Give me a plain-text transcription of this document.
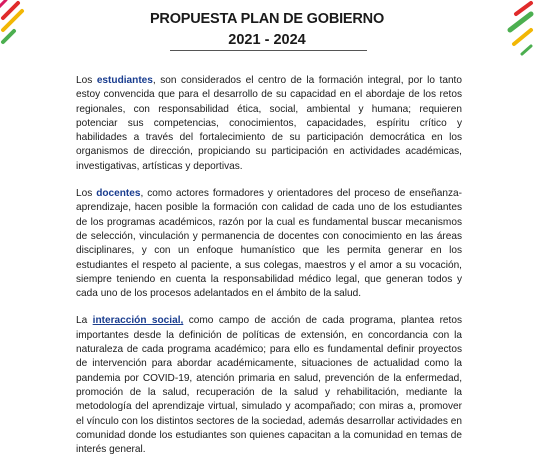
PROPUESTA PLAN DE GOBIERNO

2021 - 2024

Los estudiantes, son considerados el centro de la formación integral, por lo tanto estoy convencida que para el desarrollo de su capacidad en el abordaje de los retos regionales, con responsabilidad ética, social, ambiental y humana; requieren potenciar sus competencias, conocimientos, capacidades, espíritu crítico y habilidades a través del fortalecimiento de su participación democrática en los organismos de dirección, propiciando su participación en actividades académicas, investigativas, artísticas y deportivas.

Los docentes, como actores formadores y orientadores del proceso de enseñanza-aprendizaje, hacen posible la formación con calidad de cada uno de los estudiantes de los programas académicos, razón por la cual es fundamental buscar mecanismos de selección, vinculación y permanencia de docentes con conocimiento en las áreas disciplinares, y con un enfoque humanístico que les permita generar en los estudiantes el respeto al paciente, a sus colegas, maestros y el amor a su vocación, siempre teniendo en cuenta la responsabilidad médico legal, que generan todos y cada uno de los procesos adelantados en el ámbito de la salud.

La interacción social, como campo de acción de cada programa, plantea retos importantes desde la definición de políticas de extensión, en concordancia con la naturaleza de cada programa académico; para ello es fundamental definir proyectos de intervención para abordar académicamente, situaciones de actualidad como la pandemia por COVID-19, atención primaria en salud, prevención de la enfermedad, promoción de la salud, recuperación de la salud y rehabilitación, mediante la metodología del aprendizaje virtual, simulado y acompañado; con miras a, promover el vínculo con los distintos sectores de la sociedad, además desarrollar actividades en comunidad donde los estudiantes son quienes capacitan a la comunidad en temas de interés general.
